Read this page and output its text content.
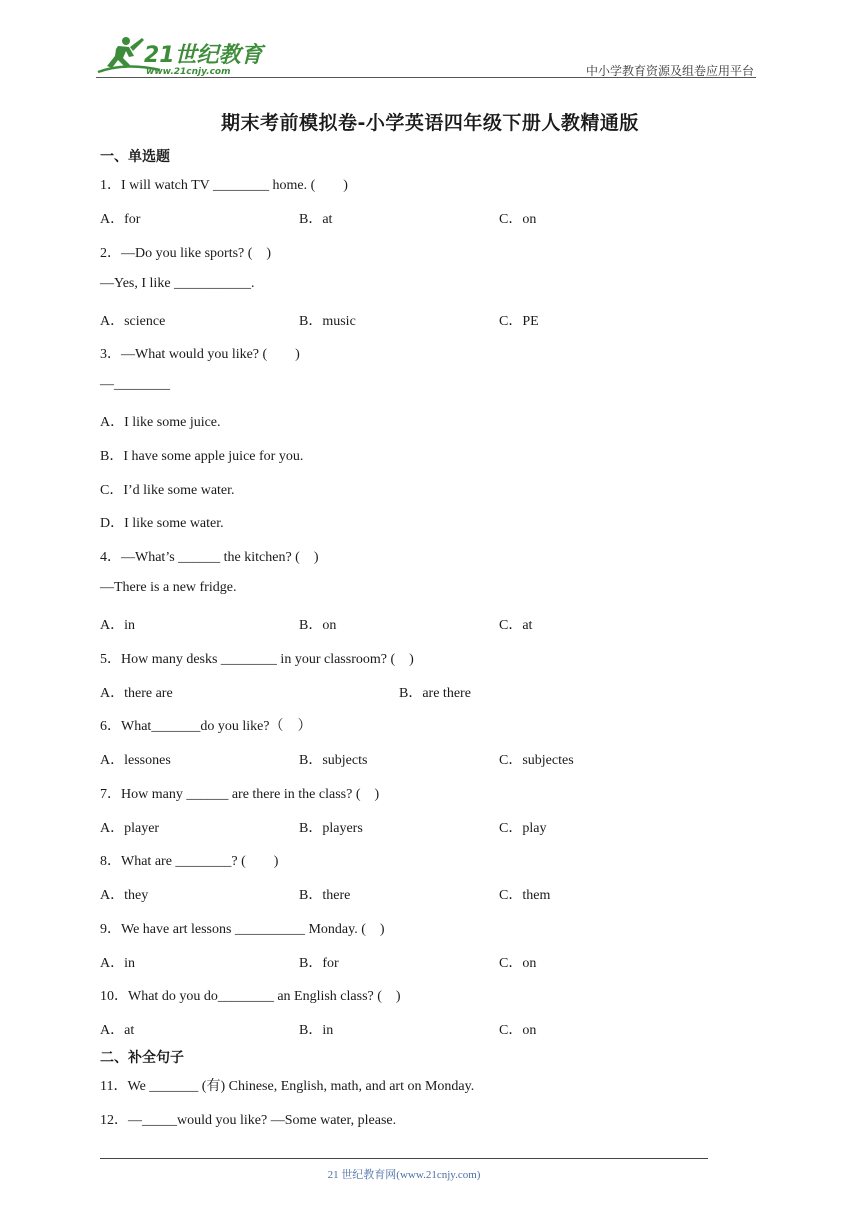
21世纪教育
www.21cnjy.com	中小学教育资源及组卷应用平台
期末考前模拟卷-小学英语四年级下册人教精通版
一、单选题
1．I will watch TV ________ home. (　　)
A．for	B．at	C．on
2．—Do you like sports? (　)
—Yes, I like ___________.
A．science	B．music	C．PE
3．—What would you like? (　　)
—________
A．I like some juice.
B．I have some apple juice for you.
C．I’d like some water.
D．I like some water.
4．—What’s ______ the kitchen? (　)
—There is a new fridge.
A．in	B．on	C．at
5．How many desks ________ in your classroom? (　)
A．there are	B．are there
6．What_______do you like?（　）
A．lessones	B．subjects	C．subjectes
7．How many ______ are there in the class? (　)
A．player	B．players	C．play
8．What are ________? (　　)
A．they	B．there	C．them
9．We have art lessons __________ Monday. (　)
A．in	B．for	C．on
10．What do you do________ an English class? (　)
A．at	B．in	C．on
二、补全句子
11．We _______ (有) Chinese, English, math, and art on Monday.
12．—_____would you like? —Some water, please.
21 世纪教育网(www.21cnjy.com)
